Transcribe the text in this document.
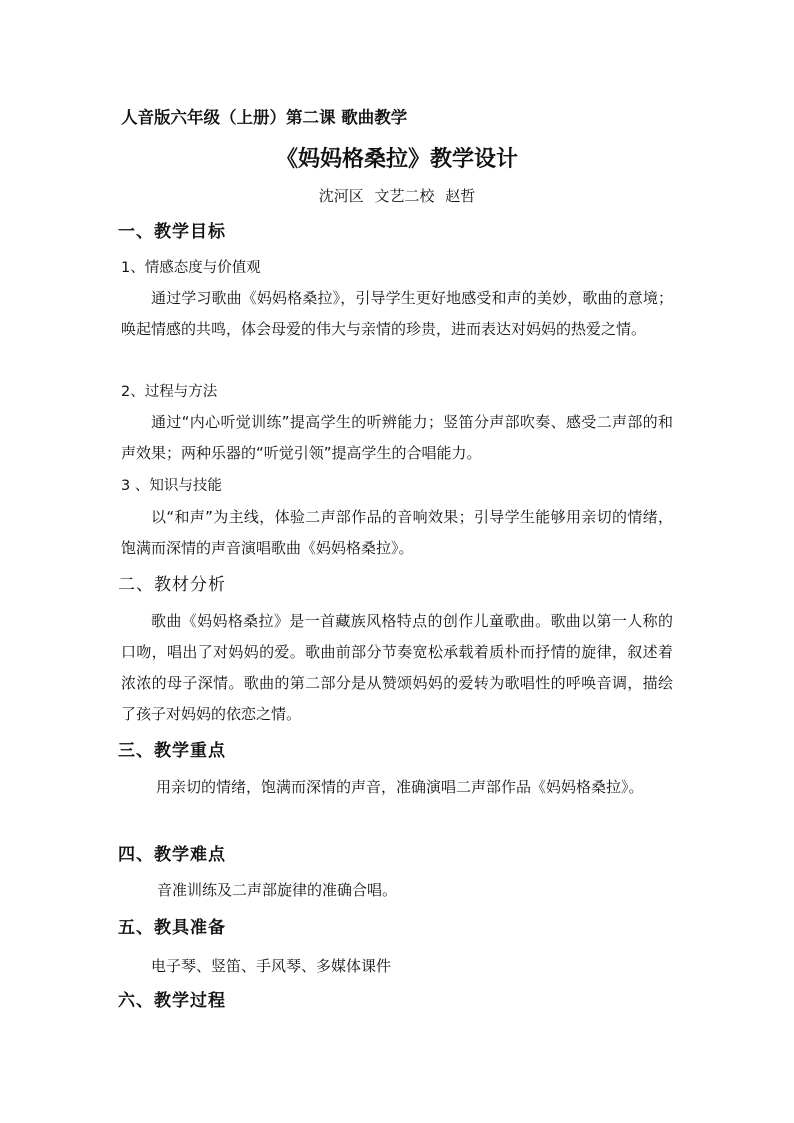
人音版六年级（上册）第二课 歌曲教学
《妈妈格桑拉》教学设计
沈河区 文艺二校 赵哲
一、教学目标
1、情感态度与价值观
通过学习歌曲《妈妈格桑拉》，引导学生更好地感受和声的美妙，歌曲的意境；唤起情感的共鸣，体会母爱的伟大与亲情的珍贵，进而表达对妈妈的热爱之情。
2、过程与方法
通过“内心听觉训练”提高学生的听辨能力；竖笛分声部吹奏、感受二声部的和声效果；两种乐器的“听觉引领”提高学生的合唱能力。
3 、知识与技能
以“和声”为主线，体验二声部作品的音响效果；引导学生能够用亲切的情绪，饱满而深情的声音演唱歌曲《妈妈格桑拉》。
二、教材分析
歌曲《妈妈格桑拉》是一首藏族风格特点的创作儿童歌曲。歌曲以第一人称的口吻，唱出了对妈妈的爱。歌曲前部分节奏宽松承载着质朴而抒情的旋律，叙述着浓浓的母子深情。歌曲的第二部分是从赞颂妈妈的爱转为歌唱性的呼唤音调，描绘了孩子对妈妈的依恋之情。
三、教学重点
用亲切的情绪，饱满而深情的声音，准确演唱二声部作品《妈妈格桑拉》。
四、教学难点
音准训练及二声部旋律的准确合唱。
五、教具准备
电子琴、竖笛、手风琴、多媒体课件
六、教学过程
